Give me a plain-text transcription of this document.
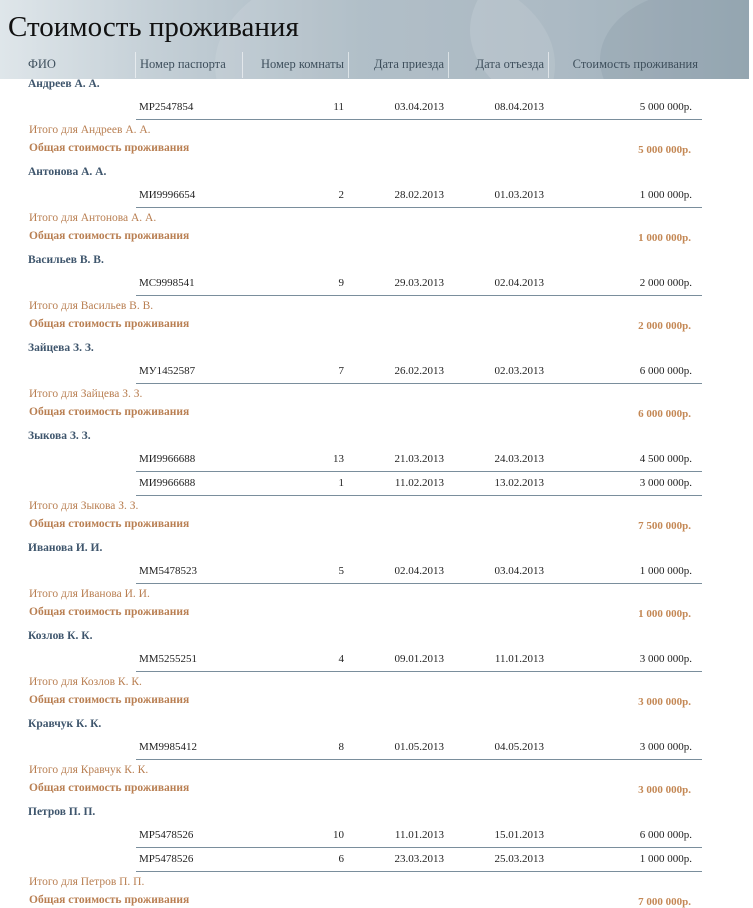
Стоимость проживания
ФИО	Номер паспорта	Номер комнаты	Дата приезда	Дата отъезда	Стоимость проживания
Андреев А. А.
МР2547854	11	03.04.2013	08.04.2013	5 000 000р.
Итого для Андреев А. А.
Общая стоимость проживания	5 000 000р.
Антонова А. А.
МИ9996654	2	28.02.2013	01.03.2013	1 000 000р.
Итого для Антонова А. А.
Общая стоимость проживания	1 000 000р.
Васильев В. В.
МС9998541	9	29.03.2013	02.04.2013	2 000 000р.
Итого для Васильев В. В.
Общая стоимость проживания	2 000 000р.
Зайцева З. З.
МУ1452587	7	26.02.2013	02.03.2013	6 000 000р.
Итого для Зайцева З. З.
Общая стоимость проживания	6 000 000р.
Зыкова З. З.
МИ9966688	13	21.03.2013	24.03.2013	4 500 000р.
МИ9966688	1	11.02.2013	13.02.2013	3 000 000р.
Итого для Зыкова З. З.
Общая стоимость проживания	7 500 000р.
Иванова И. И.
ММ5478523	5	02.04.2013	03.04.2013	1 000 000р.
Итого для Иванова И. И.
Общая стоимость проживания	1 000 000р.
Козлов К. К.
ММ5255251	4	09.01.2013	11.01.2013	3 000 000р.
Итого для Козлов К. К.
Общая стоимость проживания	3 000 000р.
Кравчук К. К.
ММ9985412	8	01.05.2013	04.05.2013	3 000 000р.
Итого для Кравчук К. К.
Общая стоимость проживания	3 000 000р.
Петров П. П.
МР5478526	10	11.01.2013	15.01.2013	6 000 000р.
МР5478526	6	23.03.2013	25.03.2013	1 000 000р.
Итого для Петров П. П.
Общая стоимость проживания	7 000 000р.
